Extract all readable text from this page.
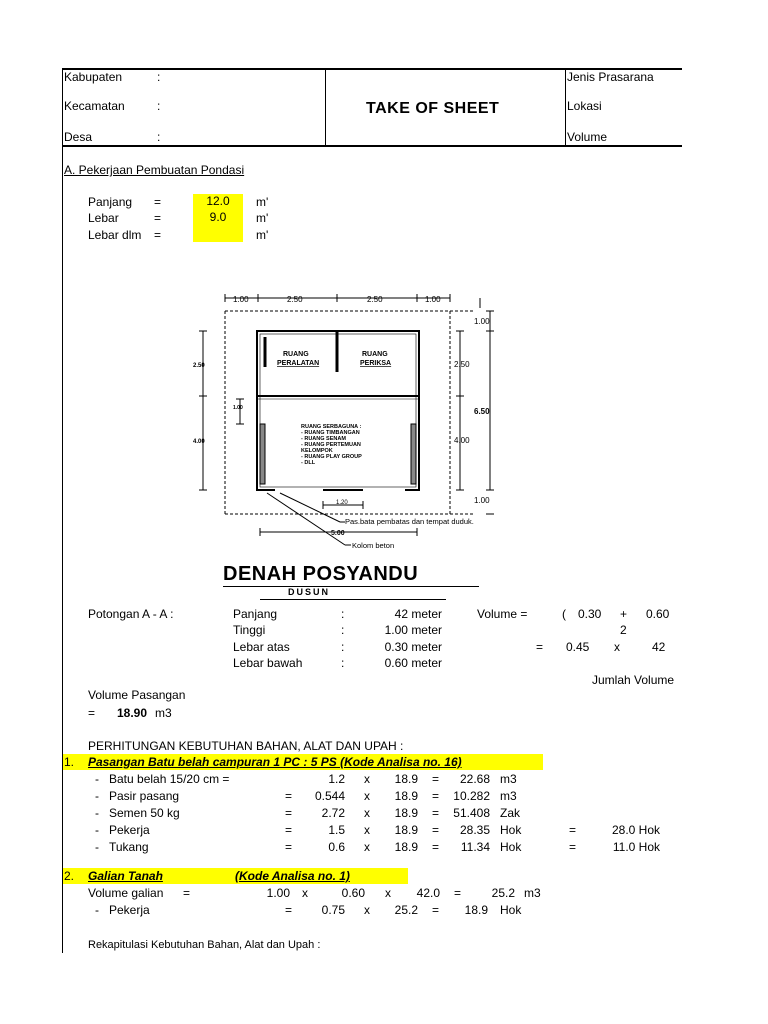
Kabupaten	:
Kecamatan	:
Desa	:
TAKE OF SHEET
Jenis Prasarana
Lokasi
Volume
A. Pekerjaan Pembuatan Pondasi
Panjang =	12.0	m'
Lebar	=	9.0	m'
Lebar dlm =	m'
1.00	2.50	2.50	1.00
1.00
2.50
6.50
4.00
1.00
2.50
1.00
4.00
RUANG
PERALATAN
RUANG
PERIKSA
RUANG SERBAGUNA :
- RUANG TIMBANGAN
- RUANG SENAM
- RUANG PERTEMUAN
KELOMPOK
- RUANG PLAY GROUP
- DLL
1.20
5.00
Pas.bata pembatas dan tempat duduk.
Kolom beton
DENAH POSYANDU
DUSUN
Potongan A - A :	Panjang	:	42 meter
Tinggi	:	1.00 meter
Lebar atas	:	0.30 meter
Lebar bawah	:	0.60 meter
Volume =	( 0.30 + 0.60
2
= 0.45 x	42
Jumlah Volume
Volume Pasangan
= 18.90 m3
PERHITUNGAN KEBUTUHAN BAHAN, ALAT DAN UPAH :
1. Pasangan Batu belah campuran 1 PC : 5 PS (Kode Analisa no. 16)
- Batu belah 15/20 cm =	1.2 x	18.9 =	22.68 m3
- Pasir pasang	=	0.544 x	18.9 =	10.282 m3
- Semen 50 kg	=	2.72 x	18.9 =	51.408 Zak
- Pekerja	=	1.5 x	18.9 =	28.35 Hok	=	28.0 Hok
- Tukang	=	0.6 x	18.9 =	11.34 Hok	=	11.0 Hok
2. Galian Tanah	(Kode Analisa no. 1)
Volume galian =	1.00 x	0.60 x	42.0 =	25.2 m3
- Pekerja	=	0.75 x	25.2 =	18.9 Hok
Rekapitulasi Kebutuhan Bahan, Alat dan Upah :
